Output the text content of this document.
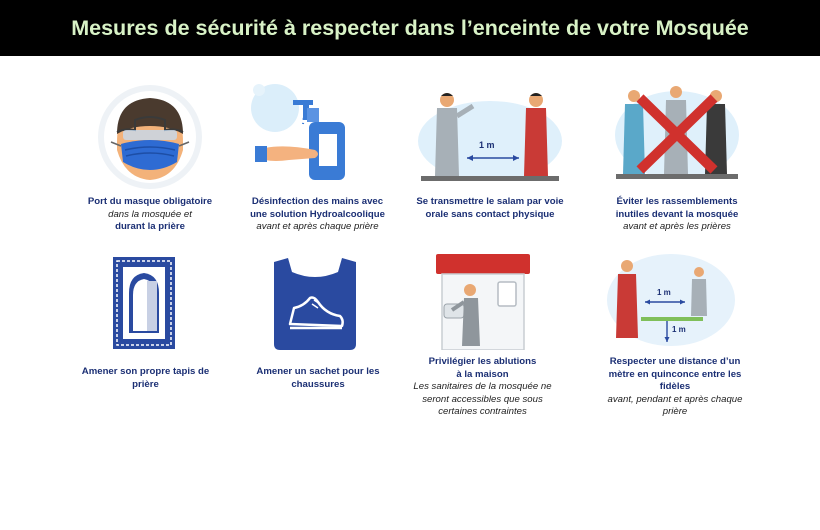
Mesures de sécurité à respecter dans l’enceinte de votre Mosquée
Port du masque obligatoire
dans la mosquée et
durant la prière
Désinfection des mains avec
une solution Hydroalcoolique
avant et après chaque prière
1 m
Se transmettre le salam par voie
orale sans contact physique
Éviter les rassemblements
inutiles devant la mosquée
avant et après les prières
Amener son propre tapis de
prière
Amener un sachet pour les
chaussures
Privilégier les ablutions
à la maison
Les sanitaires de la mosquée ne
seront accessibles que sous
certaines contraintes
1 m
1 m
Respecter une distance d’un
mètre en quinconce entre les
fidèles
avant, pendant et après chaque
prière
